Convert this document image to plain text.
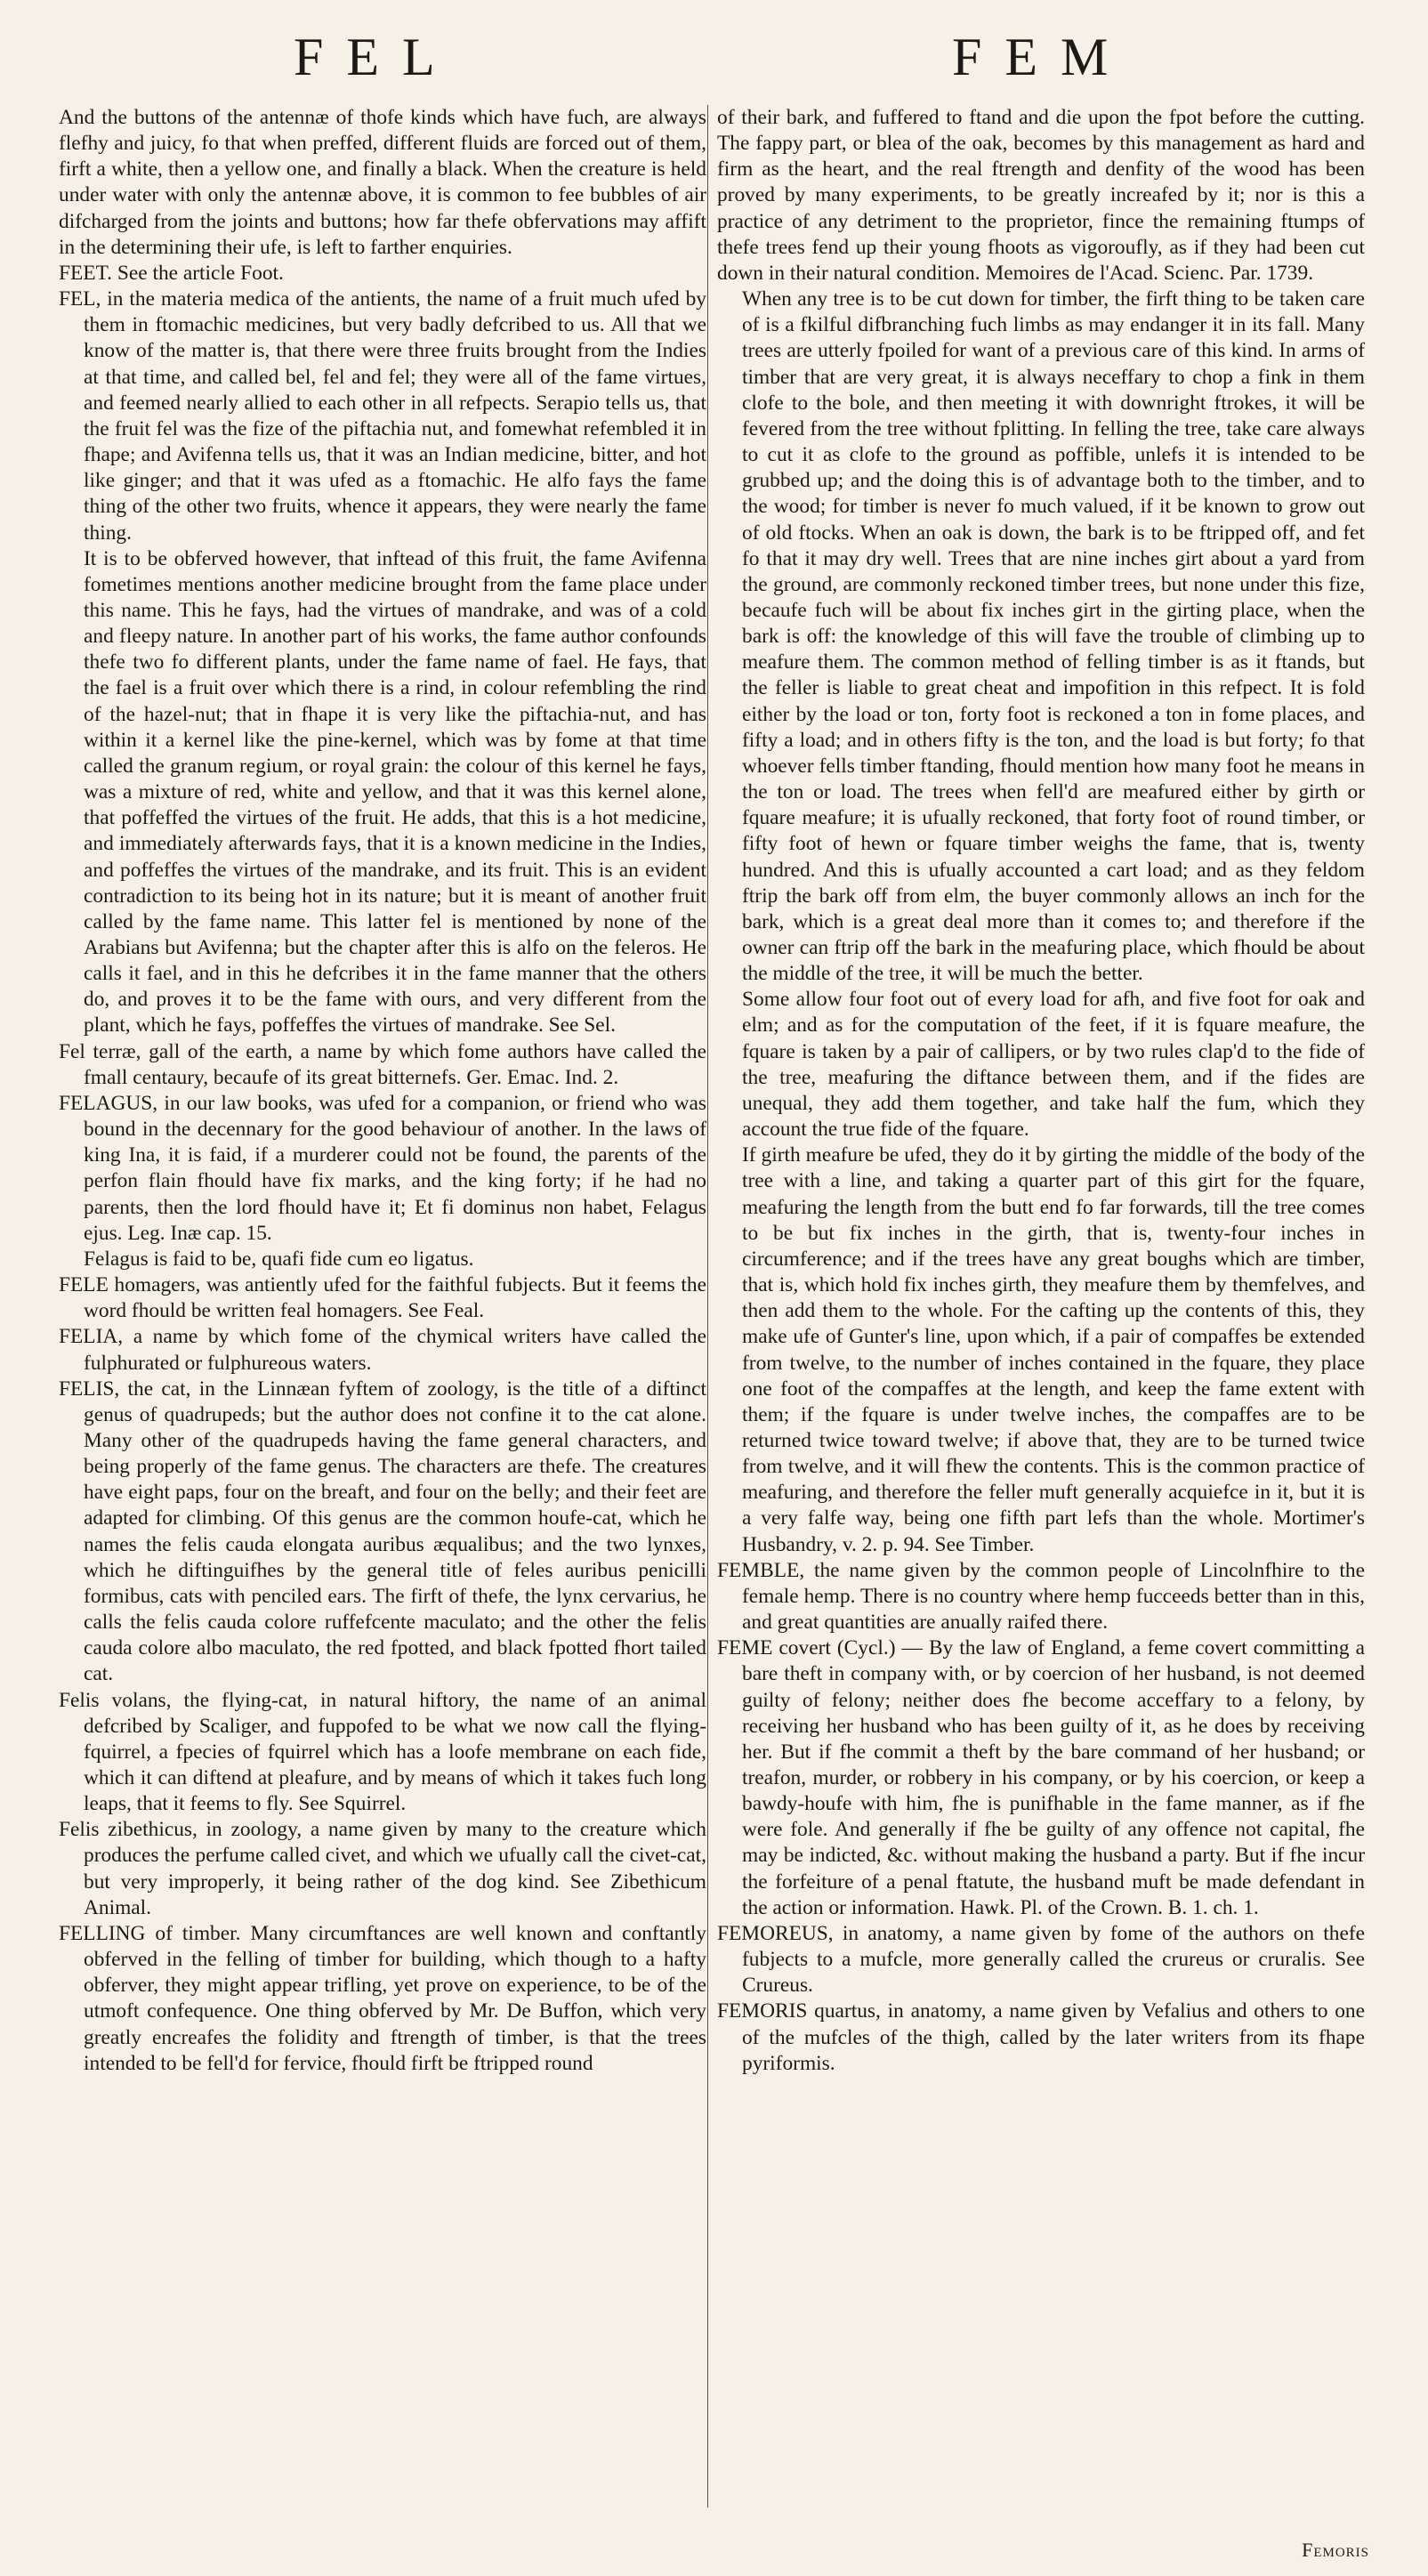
FEL	FEM

And the buttons of the antennæ of thofe kinds which have fuch, are always flefhy and juicy, fo that when preffed, different fluids are forced out of them, firft a white, then a yellow one, and finally a black. When the creature is held under water with only the antennæ above, it is common to fee bubbles of air difcharged from the joints and buttons; how far thefe obfervations may affift in the determining their ufe, is left to farther enquiries.

FEET. See the article Foot.

FEL, in the materia medica of the antients, the name of a fruit much ufed by them in ftomachic medicines, but very badly defcribed to us. All that we know of the matter is, that there were three fruits brought from the Indies at that time, and called bel, fel and fel; they were all of the fame virtues, and feemed nearly allied to each other in all refpects. Serapio tells us, that the fruit fel was the fize of the piftachia nut, and fomewhat refembled it in fhape; and Avifenna tells us, that it was an Indian medicine, bitter, and hot like ginger; and that it was ufed as a ftomachic. He alfo fays the fame thing of the other two fruits, whence it appears, they were nearly the fame thing.

It is to be obferved however, that inftead of this fruit, the fame Avifenna fometimes mentions another medicine brought from the fame place under this name. This he fays, had the virtues of mandrake, and was of a cold and fleepy nature. In another part of his works, the fame author confounds thefe two fo different plants, under the fame name of fael. He fays, that the fael is a fruit over which there is a rind, in colour refembling the rind of the hazel-nut; that in fhape it is very like the piftachia-nut, and has within it a kernel like the pine-kernel, which was by fome at that time called the granum regium, or royal grain: the colour of this kernel he fays, was a mixture of red, white and yellow, and that it was this kernel alone, that poffeffed the virtues of the fruit. He adds, that this is a hot medicine, and immediately afterwards fays, that it is a known medicine in the Indies, and poffeffes the virtues of the mandrake, and its fruit. This is an evident contradiction to its being hot in its nature; but it is meant of another fruit called by the fame name. This latter fel is mentioned by none of the Arabians but Avifenna; but the chapter after this is alfo on the feleros. He calls it fael, and in this he defcribes it in the fame manner that the others do, and proves it to be the fame with ours, and very different from the plant, which he fays, poffeffes the virtues of mandrake. See Sel.

Fel terræ, gall of the earth, a name by which fome authors have called the fmall centaury, becaufe of its great bitternefs. Ger. Emac. Ind. 2.

FELAGUS, in our law books, was ufed for a companion, or friend who was bound in the decennary for the good behaviour of another. In the laws of king Ina, it is faid, if a murderer could not be found, the parents of the perfon flain fhould have fix marks, and the king forty; if he had no parents, then the lord fhould have it; Et fi dominus non habet, Felagus ejus. Leg. Inæ cap. 15.

Felagus is faid to be, quafi fide cum eo ligatus.

FELE homagers, was antiently ufed for the faithful fubjects. But it feems the word fhould be written feal homagers. See Feal.

FELIA, a name by which fome of the chymical writers have called the fulphurated or fulphureous waters.

FELIS, the cat, in the Linnæan fyftem of zoology, is the title of a diftinct genus of quadrupeds; but the author does not confine it to the cat alone. Many other of the quadrupeds having the fame general characters, and being properly of the fame genus. The characters are thefe. The creatures have eight paps, four on the breaft, and four on the belly; and their feet are adapted for climbing. Of this genus are the common houfe-cat, which he names the felis cauda elongata auribus æqualibus; and the two lynxes, which he diftinguifhes by the general title of feles auribus penicilli formibus, cats with penciled ears. The firft of thefe, the lynx cervarius, he calls the felis cauda colore ruffefcente maculato; and the other the felis cauda colore albo maculato, the red fpotted, and black fpotted fhort tailed cat.

Felis volans, the flying-cat, in natural hiftory, the name of an animal defcribed by Scaliger, and fuppofed to be what we now call the flying-fquirrel, a fpecies of fquirrel which has a loofe membrane on each fide, which it can diftend at pleafure, and by means of which it takes fuch long leaps, that it feems to fly. See Squirrel.

Felis zibethicus, in zoology, a name given by many to the creature which produces the perfume called civet, and which we ufually call the civet-cat, but very improperly, it being rather of the dog kind. See Zibethicum Animal.

FELLING of timber. Many circumftances are well known and conftantly obferved in the felling of timber for building, which though to a hafty obferver, they might appear trifling, yet prove on experience, to be of the utmoft confequence. One thing obferved by Mr. De Buffon, which very greatly encreafes the folidity and ftrength of timber, is that the trees intended to be fell'd for fervice, fhould firft be ftripped round

of their bark, and fuffered to ftand and die upon the fpot before the cutting. The fappy part, or blea of the oak, becomes by this management as hard and firm as the heart, and the real ftrength and denfity of the wood has been proved by many experiments, to be greatly increafed by it; nor is this a practice of any detriment to the proprietor, fince the remaining ftumps of thefe trees fend up their young fhoots as vigoroufly, as if they had been cut down in their natural condition. Memoires de l'Acad. Scienc. Par. 1739.

When any tree is to be cut down for timber, the firft thing to be taken care of is a fkilful difbranching fuch limbs as may endanger it in its fall. Many trees are utterly fpoiled for want of a previous care of this kind. In arms of timber that are very great, it is always neceffary to chop a fink in them clofe to the bole, and then meeting it with downright ftrokes, it will be fevered from the tree without fplitting. In felling the tree, take care always to cut it as clofe to the ground as poffible, unlefs it is intended to be grubbed up; and the doing this is of advantage both to the timber, and to the wood; for timber is never fo much valued, if it be known to grow out of old ftocks. When an oak is down, the bark is to be ftripped off, and fet fo that it may dry well. Trees that are nine inches girt about a yard from the ground, are commonly reckoned timber trees, but none under this fize, becaufe fuch will be about fix inches girt in the girting place, when the bark is off: the knowledge of this will fave the trouble of climbing up to meafure them. The common method of felling timber is as it ftands, but the feller is liable to great cheat and impofition in this refpect. It is fold either by the load or ton, forty foot is reckoned a ton in fome places, and fifty a load; and in others fifty is the ton, and the load is but forty; fo that whoever fells timber ftanding, fhould mention how many foot he means in the ton or load. The trees when fell'd are meafured either by girth or fquare meafure; it is ufually reckoned, that forty foot of round timber, or fifty foot of hewn or fquare timber weighs the fame, that is, twenty hundred. And this is ufually accounted a cart load; and as they feldom ftrip the bark off from elm, the buyer commonly allows an inch for the bark, which is a great deal more than it comes to; and therefore if the owner can ftrip off the bark in the meafuring place, which fhould be about the middle of the tree, it will be much the better.

Some allow four foot out of every load for afh, and five foot for oak and elm; and as for the computation of the feet, if it is fquare meafure, the fquare is taken by a pair of callipers, or by two rules clap'd to the fide of the tree, meafuring the diftance between them, and if the fides are unequal, they add them together, and take half the fum, which they account the true fide of the fquare.

If girth meafure be ufed, they do it by girting the middle of the body of the tree with a line, and taking a quarter part of this girt for the fquare, meafuring the length from the butt end fo far forwards, till the tree comes to be but fix inches in the girth, that is, twenty-four inches in circumference; and if the trees have any great boughs which are timber, that is, which hold fix inches girth, they meafure them by themfelves, and then add them to the whole. For the cafting up the contents of this, they make ufe of Gunter's line, upon which, if a pair of compaffes be extended from twelve, to the number of inches contained in the fquare, they place one foot of the compaffes at the length, and keep the fame extent with them; if the fquare is under twelve inches, the compaffes are to be returned twice toward twelve; if above that, they are to be turned twice from twelve, and it will fhew the contents. This is the common practice of meafuring, and therefore the feller muft generally acquiefce in it, but it is a very falfe way, being one fifth part lefs than the whole. Mortimer's Husbandry, v. 2. p. 94. See Timber.

FEMBLE, the name given by the common people of Lincolnfhire to the female hemp. There is no country where hemp fucceeds better than in this, and great quantities are anually raifed there.

FEME covert (Cycl.) — By the law of England, a feme covert committing a bare theft in company with, or by coercion of her husband, is not deemed guilty of felony; neither does fhe become acceffary to a felony, by receiving her husband who has been guilty of it, as he does by receiving her. But if fhe commit a theft by the bare command of her husband; or treafon, murder, or robbery in his company, or by his coercion, or keep a bawdy-houfe with him, fhe is punifhable in the fame manner, as if fhe were fole. And generally if fhe be guilty of any offence not capital, fhe may be indicted, &c. without making the husband a party. But if fhe incur the forfeiture of a penal ftatute, the husband muft be made defendant in the action or information. Hawk. Pl. of the Crown. B. 1. ch. 1.

FEMOREUS, in anatomy, a name given by fome of the authors on thefe fubjects to a mufcle, more generally called the crureus or cruralis. See Crureus.

FEMORIS quartus, in anatomy, a name given by Vefalius and others to one of the mufcles of the thigh, called by the later writers from its fhape pyriformis.

Femoris
